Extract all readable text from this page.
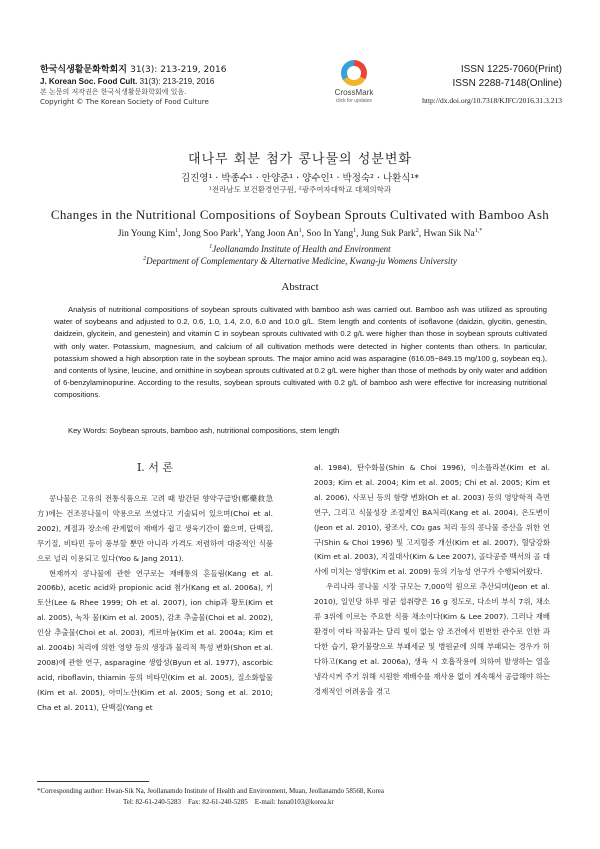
한국식생활문화학회지 31(3): 213-219, 2016
J. Korean Soc. Food Cult. 31(3): 213-219, 2016
본 논문의 저작권은 한국식생활문화학회에 있음.
Copyright © The Korean Society of Food Culture
CrossMark
click for updates
ISSN 1225-7060(Print)
ISSN 2288-7148(Online)
http://dx.doi.org/10.7318/KJFC/2016.31.3.213
대나무 회분 첨가 콩나물의 성분변화
김진영¹ · 박종수¹ · 안양준¹ · 양수인¹ · 박정숙² · 나환식¹*
¹전라남도 보건환경연구원, ²광주여자대학교 대체의학과
Changes in the Nutritional Compositions of Soybean Sprouts Cultivated with Bamboo Ash
Jin Young Kim$^1$, Jong Soo Park$^1$, Yang Joon An$^1$, Soo In Yang$^1$, Jung Suk Park$^2$, Hwan Sik $Na^{1,*}$
$^1$Jeollanamdo Institute of Health and Environment
$^2$Department of Complementary & Alternative Medicine, Kwang-ju Womens University
Abstract
Analysis of nutritional compositions of soybean sprouts cultivated with bamboo ash was carried out. Bamboo ash was utilized as sprouting water of soybeans and adjusted to 0.2, 0.6, 1.0, 1.4, 2.0, 6.0 and 10.0 g/L. Stem length and contents of isoflavone (daidzin, glycitin, genestin, daidzein, glycitein, and genestein) and vitamin C in soybean sprouts cultivated with 0.2 g/L were higher than those in soybean sprouts cultivated with only water. Potassium, magnesium, and calcium of all cultivation methods were detected in higher contents than others. In particular, potassium showed a high absorption rate in the soybean sprouts. The major amino acid was asparagine (616.05−849.15 mg/100 g, soybean eq.), and contents of lysine, leucine, and ornithine in soybean sprouts cultivated at 0.2 g/L were higher than those of methods by only water and addition of 6-benzylaminopurine. According to the results, soybean sprouts cultivated with 0.2 g/L of bamboo ash were effective for increasing nutritional compositions.
Key Words: Soybean sprouts, bamboo ash, nutritional compositions, stem length
I. 서 론

콩나물은 고유의 전통식품으로 고려 때 발간된 향약구급방(鄕藥救急方)에는 건조콩나물이 약용으로 쓰였다고 기술되어 있으며(Choi et al. 2002), 계절과 장소에 관계없이 재배가 쉽고 생육기간이 짧으며, 단백질, 무기질, 비타민 등이 풍부할 뿐만 아니라 가격도 저렴하여 대중적인 식품으로 널리 이용되고 있다(Yoo & Jang 2011).

현재까지 콩나물에 관한 연구로는 재배통의 흔들림(Kang et al. 2006b), acetic acid와 propionic acid 첨가(Kang et al. 2006a), 키토산(Lee & Rhee 1999; Oh et al. 2007), ion chip과 황토(Kim et al. 2005), 녹차 물(Kim et al. 2005), 감초 추출물(Choi et al. 2002), 인삼 추출물(Choi et al. 2003), 게르마늄(Kim et al. 2004a; Kim et al. 2004b) 처리에 의한 영향 등의 생장과 물리적 특성 변화(Shon et al. 2008)에 관한 연구, asparagine 생합성(Byun et al. 1977), ascorbic acid, riboflavin, thiamin 등의 비타민(Kim et al. 2005), 질소화합물(Kim et al. 2005), 아미노산(Kim et al. 2005; Song et al. 2010; Cha et al. 2011), 단백질(Yang et

al. 1984), 탄수화물(Shin & Choi 1996), 이소플라본(Kim et al. 2003; Kim et al. 2004; Kim et al. 2005; Chi et al. 2005; Kim et al. 2006), 사포닌 등의 함량 변화(Oh et al. 2003) 등의 영양학적 측면 연구, 그리고 식물성장 조절제인 BA처리(Kang et al. 2004), 온도변이(Jeon et al. 2010), 광조사, CO₂ gas 처리 등의 콩나물 증산을 위한 연구(Shin & Choi 1996) 및 고지혈증 개선(Kim et al. 2007), 혈당강화(Kim et al. 2003), 지질대사(Kim & Lee 2007), 골다공증 백서의 골 대사에 미치는 영향(Kim et al. 2009) 등의 기능성 연구가 수행되어왔다.

우리나라 콩나물 시장 규모는 7,000억 원으로 추산되며(Jeon et al. 2010), 일인당 하루 평균 섭취량은 16 g 정도로, 다소비 부식 7위, 채소류 3위에 이르는 주요한 식품 채소이다(Kim & Lee 2007). 그러나 재배 환경이 여타 작물과는 달리 빛이 없는 암 조건에서 빈번한 관수로 인한 과다한 습기, 환기불량으로 부패세균 및 병원균에 의해 부패되는 경우가 허다하고(Kang et al. 2006a), 생육 시 호흡작용에 의하여 발생하는 열을 냉각시켜 주기 위해 시원한 재배수를 재사용 없이 계속해서 공급해야 하는 경제적인 어려움을 겪고

*Corresponding author: Hwan-Sik Na, Jeollanamdo Institute of Health and Environment, Muan, Jeollanamdo 58568, Korea
Tel: 82-61-240-5283    Fax: 82-61-240-5285    E-mail: hsna0103@korea.kr
